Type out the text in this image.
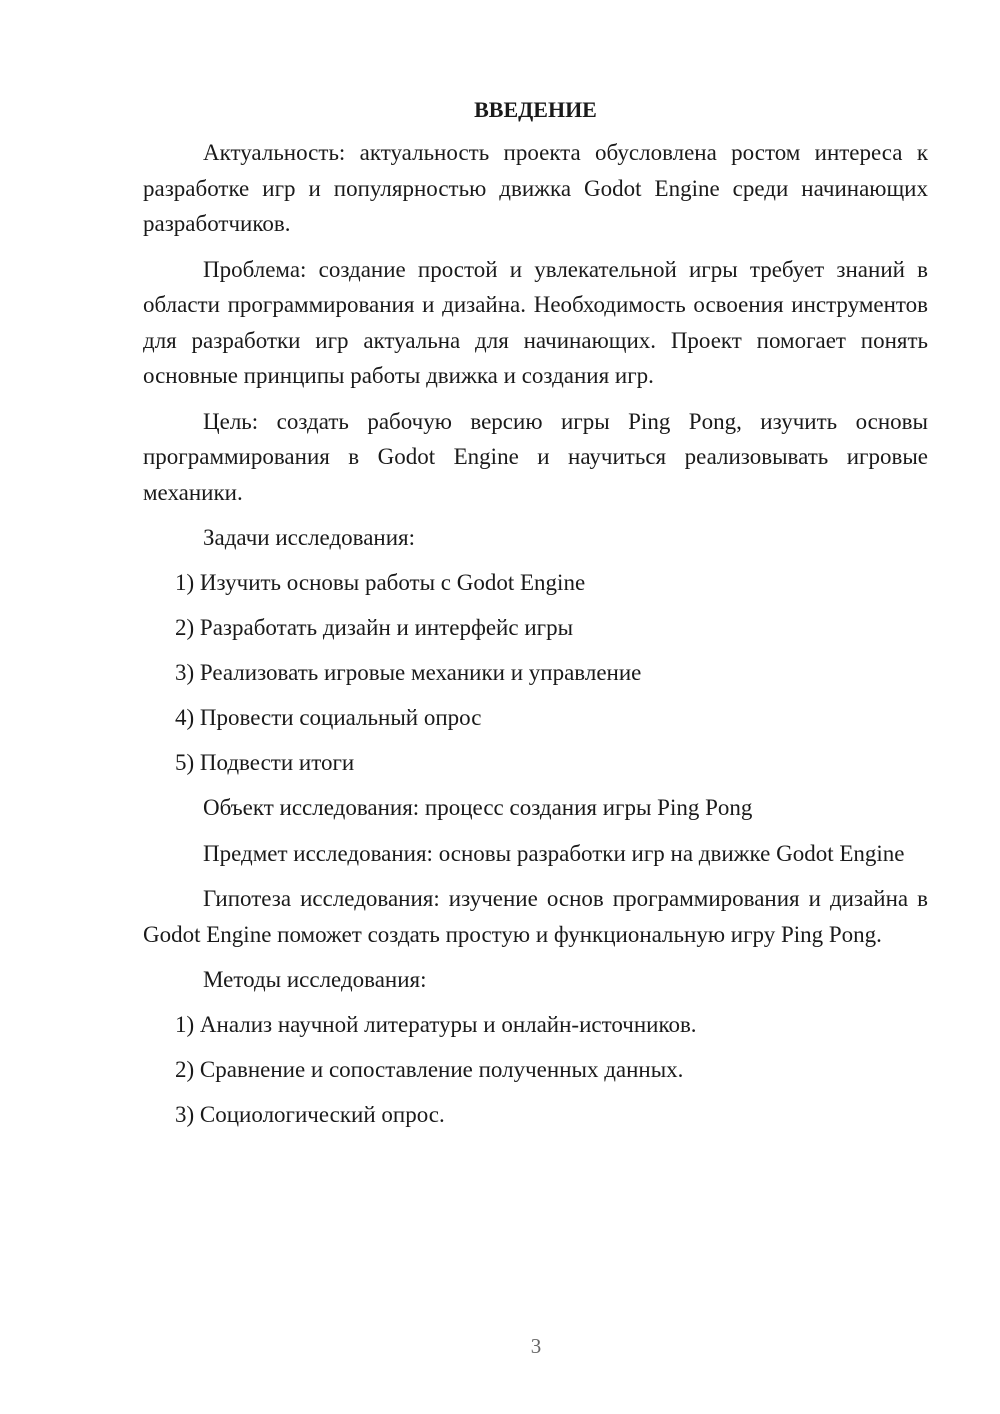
ВВЕДЕНИЕ

Актуальность: актуальность проекта обусловлена ростом интереса к разработке игр и популярностью движка Godot Engine среди начинающих разработчиков.

Проблема: создание простой и увлекательной игры требует знаний в области программирования и дизайна. Необходимость освоения инструментов для разработки игр актуальна для начинающих. Проект помогает понять основные принципы работы движка и создания игр.

Цель: создать рабочую версию игры Ping Pong, изучить основы программирования в Godot Engine и научиться реализовывать игровые механики.

Задачи исследования:

1) Изучить основы работы с Godot Engine
2) Разработать дизайн и интерфейс игры
3) Реализовать игровые механики и управление
4) Провести социальный опрос
5) Подвести итоги

Объект исследования: процесс создания игры Ping Pong

Предмет исследования: основы разработки игр на движке Godot Engine

Гипотеза исследования: изучение основ программирования и дизайна в Godot Engine поможет создать простую и функциональную игру Ping Pong.

Методы исследования:

1) Анализ научной литературы и онлайн-источников.
2) Сравнение и сопоставление полученных данных.
3) Социологический опрос.
3
